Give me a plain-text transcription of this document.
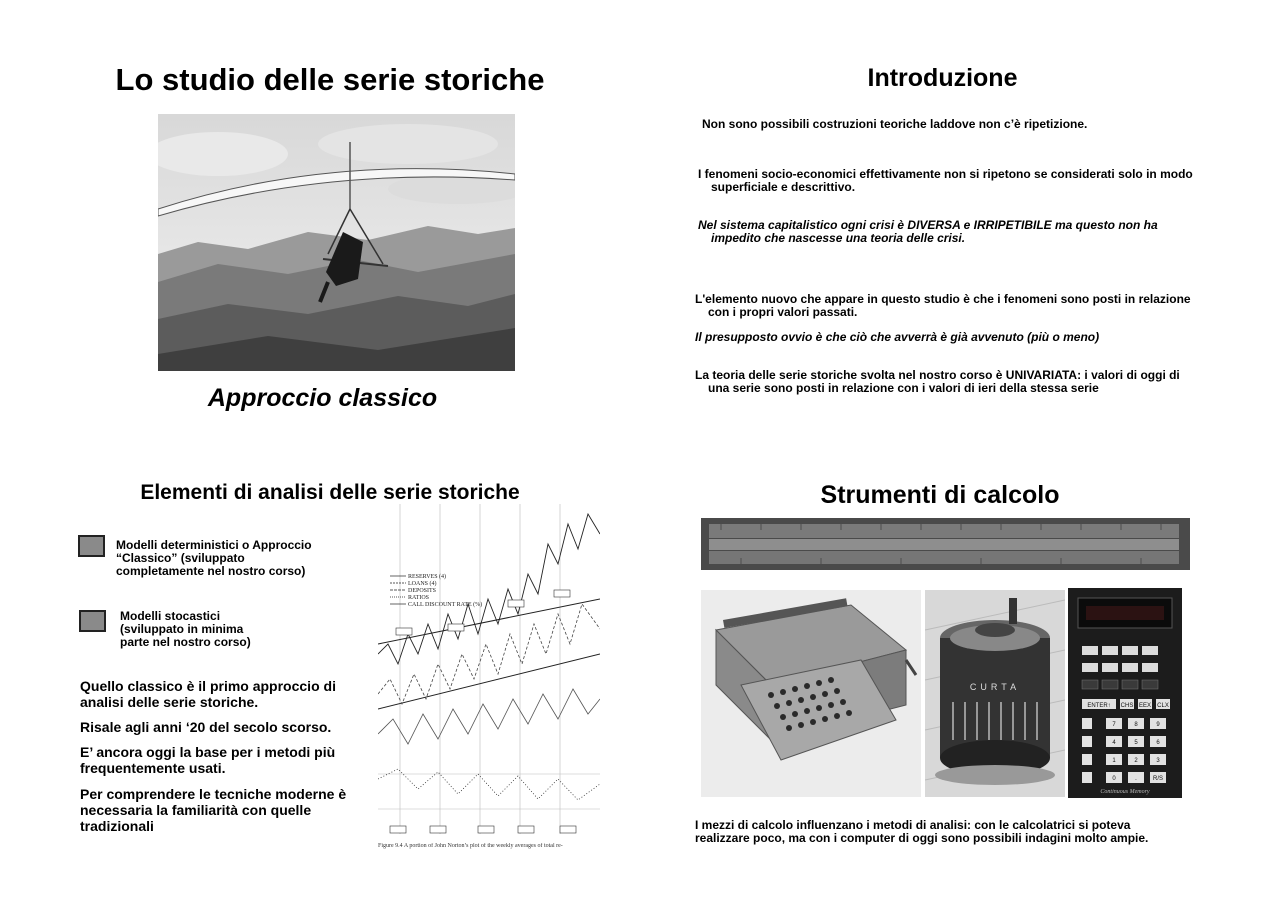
Lo studio delle serie storiche
Approccio classico
Introduzione
Non sono possibili costruzioni teoriche laddove non c’è ripetizione.
I fenomeni socio-economici effettivamente non si ripetono se considerati solo in modo superficiale e descrittivo.
Nel sistema capitalistico ogni crisi è DIVERSA e IRRIPETIBILE ma questo non ha impedito che nascesse una teoria delle crisi.
L'elemento nuovo che appare in questo studio è che i fenomeni sono posti in relazione con i propri valori passati.
Il presupposto ovvio è che ciò che avverrà è già avvenuto (più o meno)
La teoria delle serie storiche svolta nel nostro corso è UNIVARIATA: i valori di oggi di una serie sono posti in relazione con i valori di ieri della stessa serie
Elementi di analisi delle serie storiche
Modelli deterministici o Approccio “Classico” (sviluppato completamente nel nostro corso)
Modelli stocastici (sviluppato in minima parte nel nostro corso)
Quello classico è il primo approccio di analisi delle serie storiche.
Risale agli anni ‘20 del secolo scorso.
E’ ancora oggi la base per i metodi più frequentemente usati.
Per comprendere le tecniche moderne è necessaria la familiarità con quelle tradizionali
RESERVES (4)
LOANS (4)
DEPOSITS
RATIOS
CALL DISCOUNT RATE (%)
Figure 9.4 A portion of John Norton’s plot of the weekly averages of total re-
Strumenti di calcolo
CURTA
ENTER↑ CHS EEX CLX
7	8	9
4	5	6
1	2	3
0	.	R/S
Continuous Memory
I mezzi di calcolo influenzano i metodi di analisi: con le calcolatrici si poteva realizzare poco, ma con i computer di oggi sono possibili indagini molto ampie.
